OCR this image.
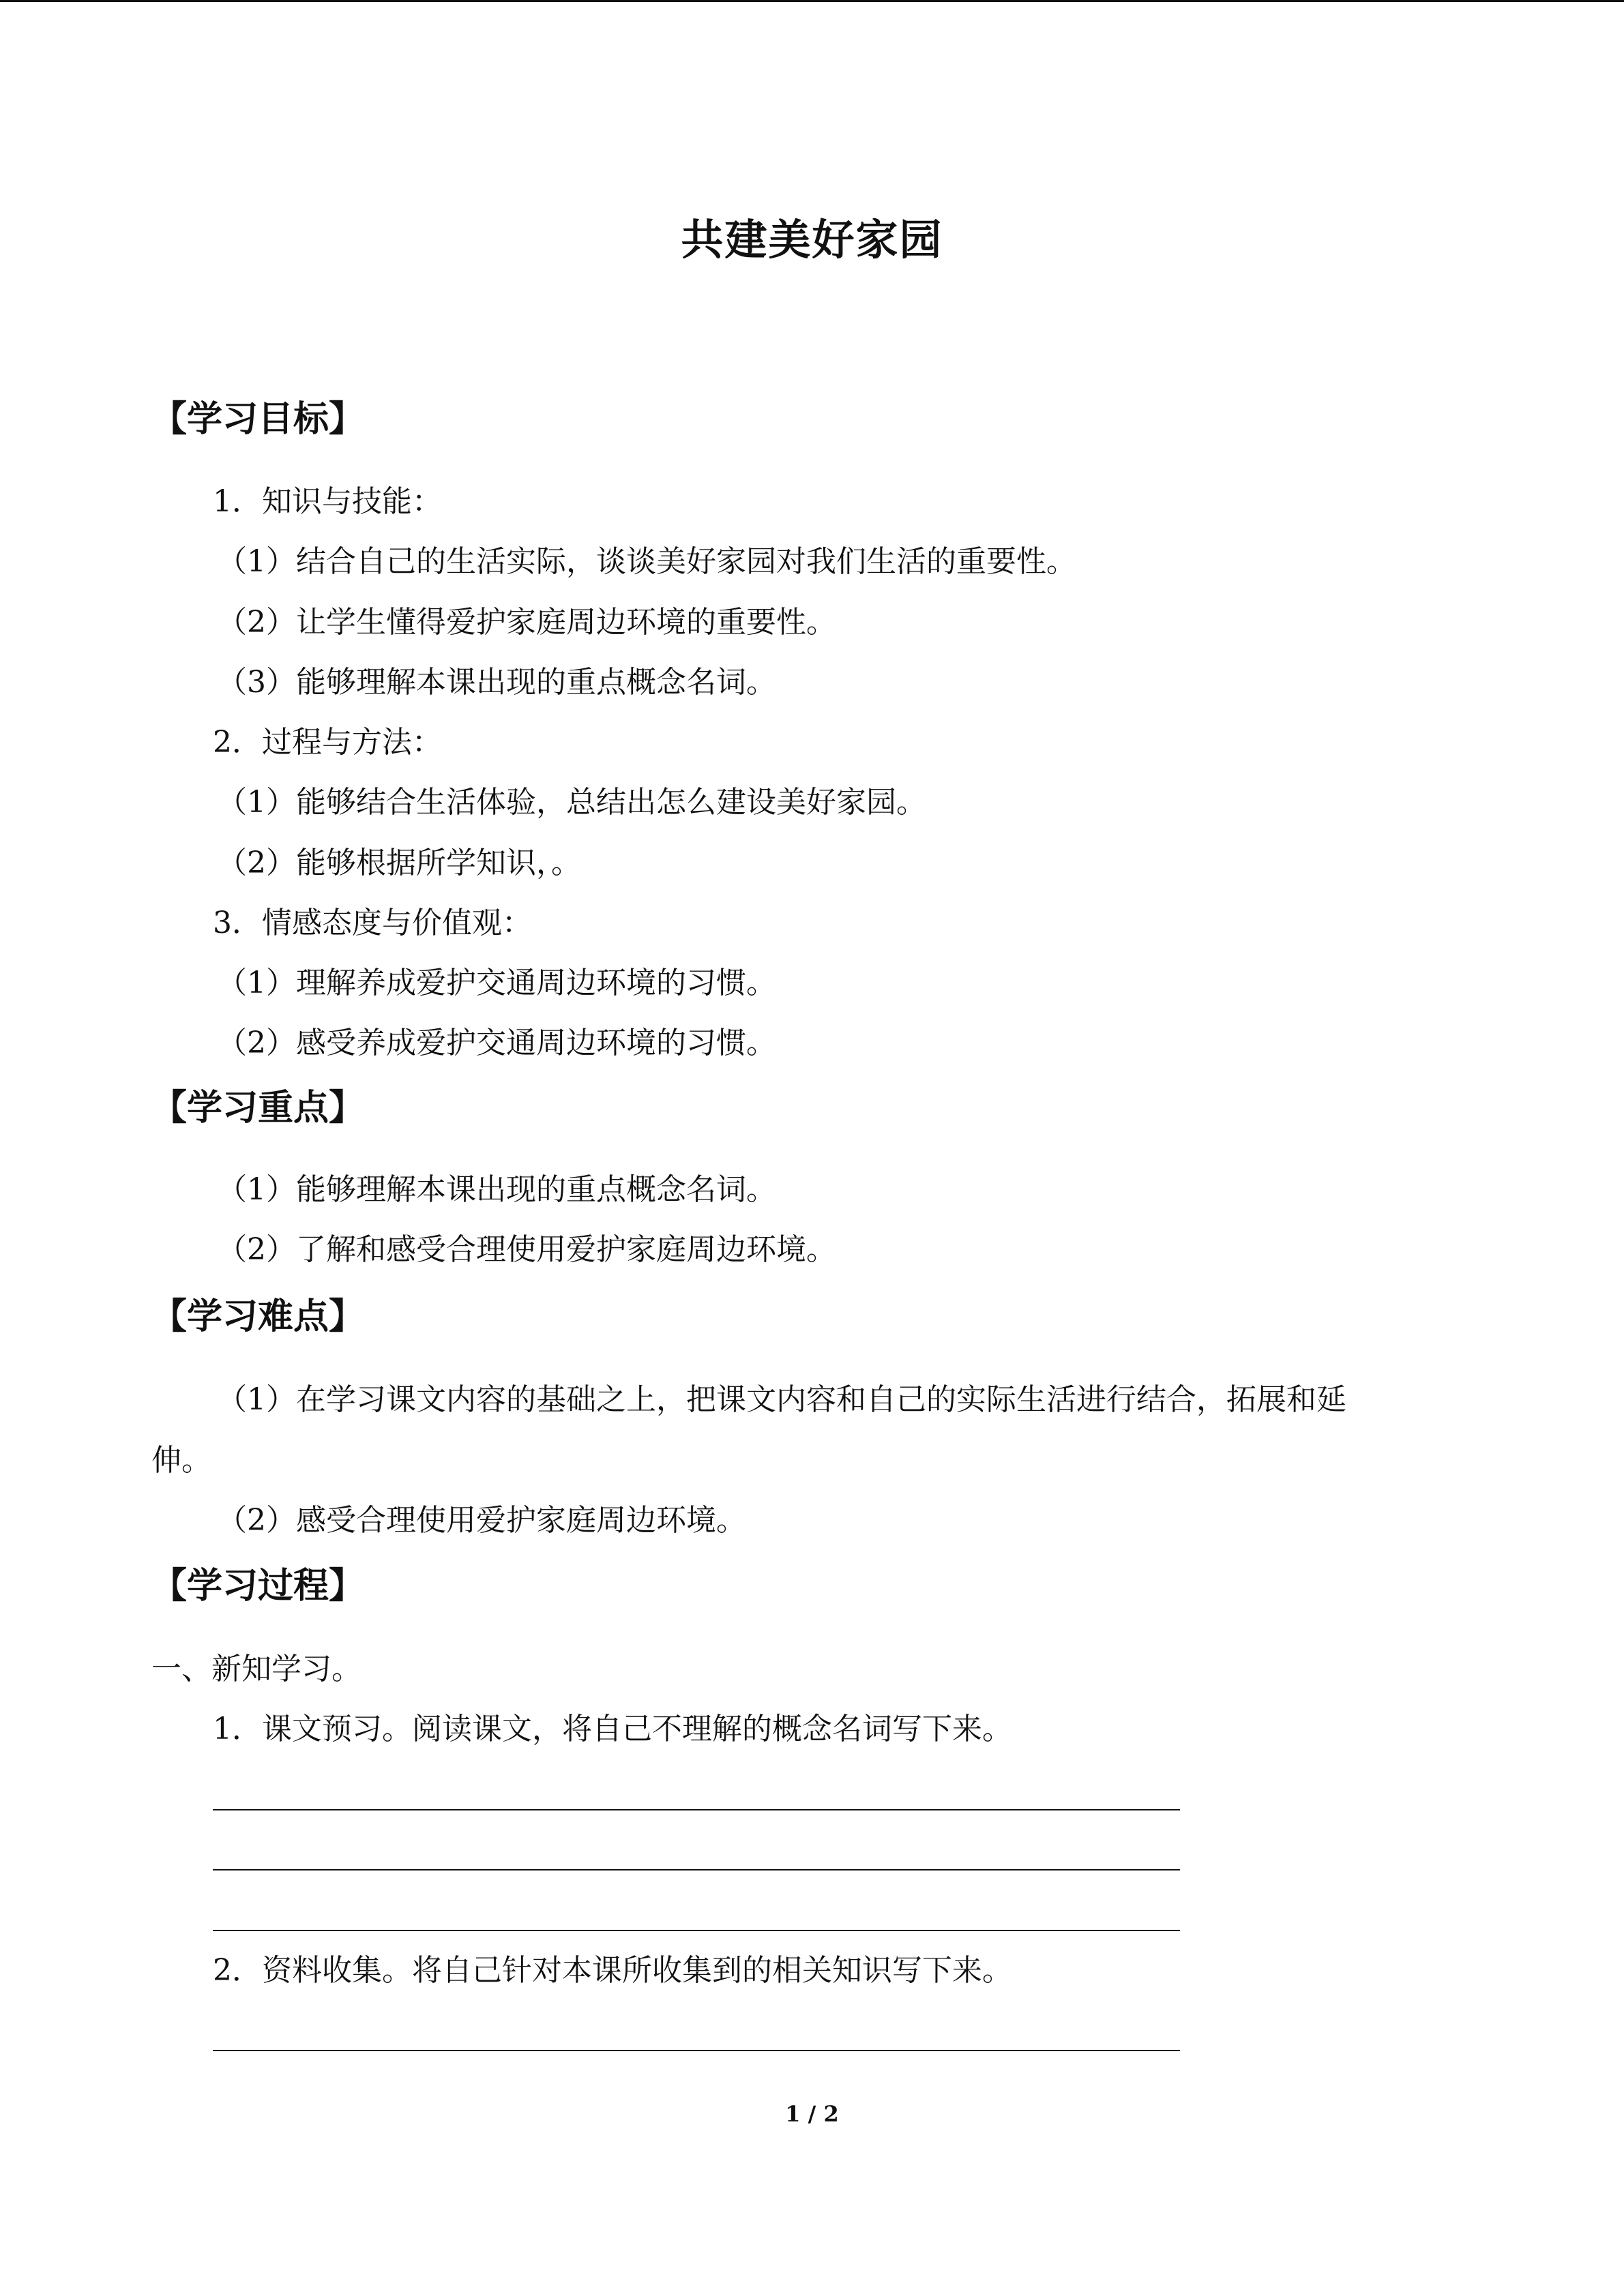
共建美好家园
【学习目标】
1．知识与技能：
（1）结合自己的生活实际，谈谈美好家园对我们生活的重要性。
（2）让学生懂得爱护家庭周边环境的重要性。
（3）能够理解本课出现的重点概念名词。
2．过程与方法：
（1）能够结合生活体验，总结出怎么建设美好家园。
（2）能够根据所学知识，。
3．情感态度与价值观：
（1）理解养成爱护交通周边环境的习惯。
（2）感受养成爱护交通周边环境的习惯。
【学习重点】
（1）能够理解本课出现的重点概念名词。
（2）了解和感受合理使用爱护家庭周边环境。
【学习难点】
（1）在学习课文内容的基础之上，把课文内容和自己的实际生活进行结合，拓展和延
伸。
（2）感受合理使用爱护家庭周边环境。
【学习过程】
一、新知学习。
1．课文预习。阅读课文，将自己不理解的概念名词写下来。
2．资料收集。将自己针对本课所收集到的相关知识写下来。
1 / 2
